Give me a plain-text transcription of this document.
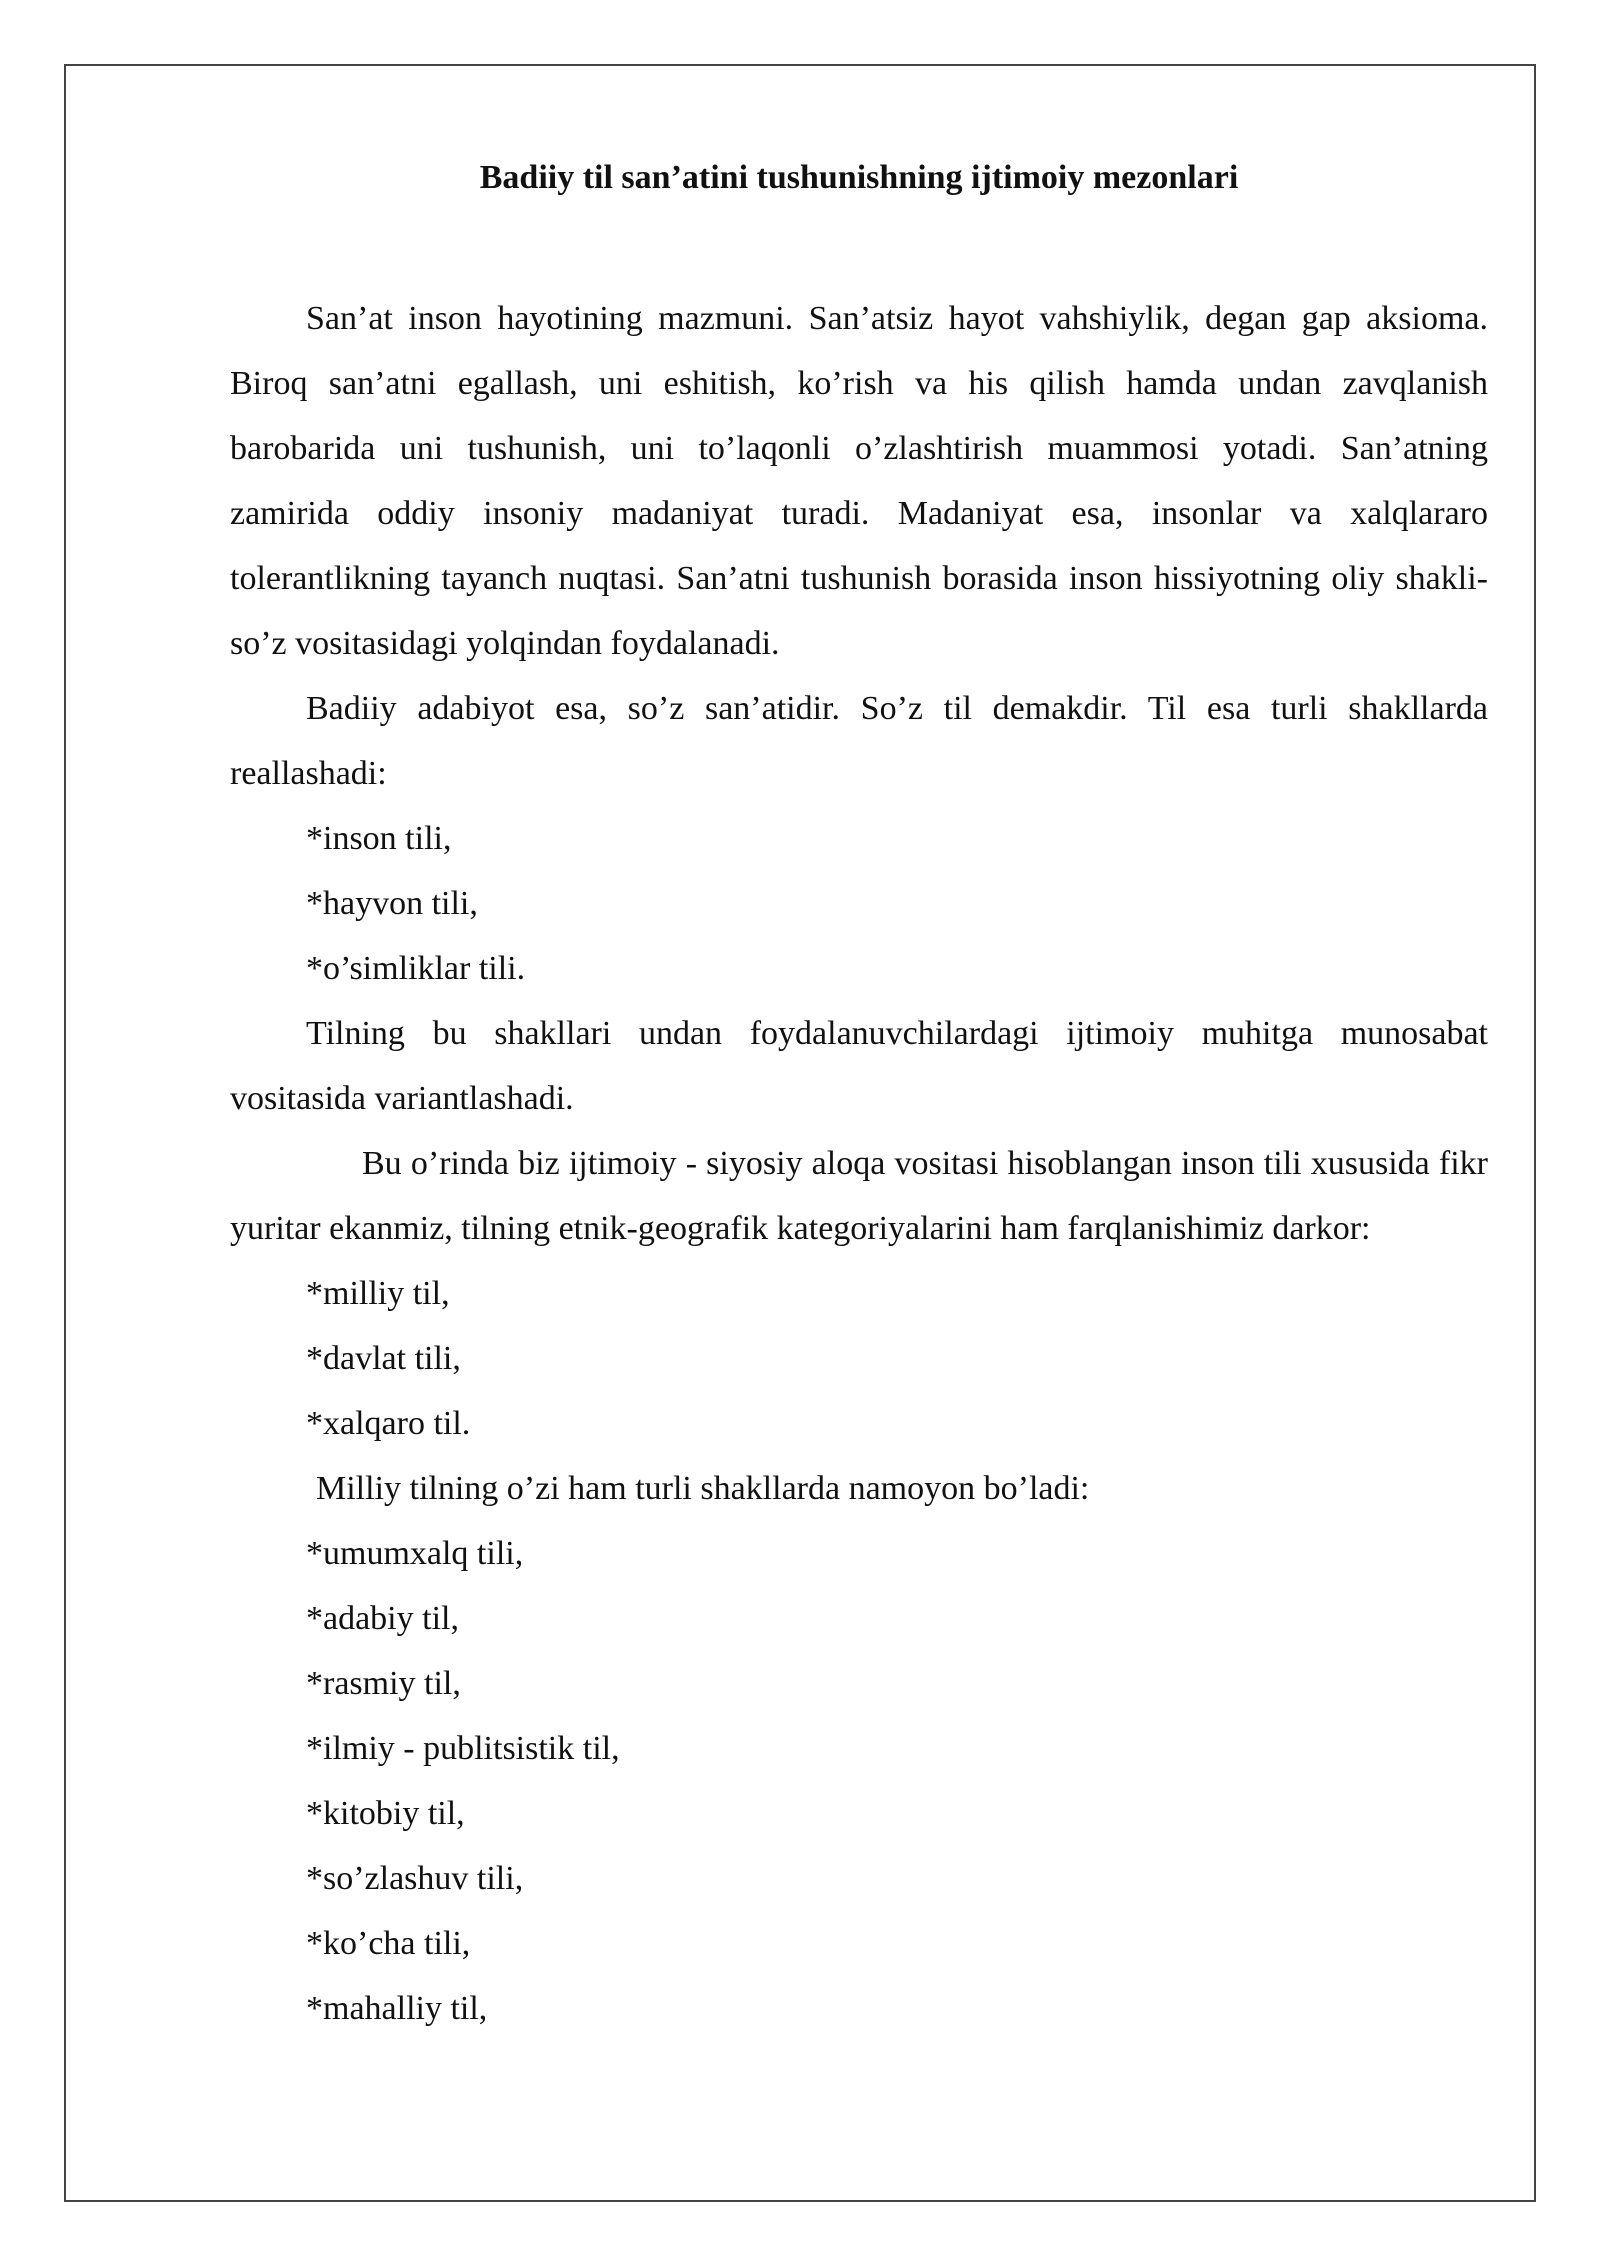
Badiiy til san’atini tushunishning ijtimoiy mezonlari

San’at inson hayotining mazmuni. San’atsiz hayot vahshiylik, degan gap aksioma. Biroq san’atni egallash, uni eshitish, ko’rish va his qilish hamda undan zavqlanish barobarida uni tushunish, uni to’laqonli o’zlashtirish muammosi yotadi. San’atning zamirida oddiy insoniy madaniyat turadi. Madaniyat esa, insonlar va xalqlararo tolerantlikning tayanch nuqtasi. San’atni tushunish borasida inson hissiyotning oliy shakli-so’z vositasidagi yolqindan foydalanadi.

Badiiy adabiyot esa, so’z san’atidir. So’z til demakdir. Til esa turli shakllarda reallashadi:

*inson tili,

*hayvon tili,

*o’simliklar tili.

Tilning bu shakllari undan foydalanuvchilardagi ijtimoiy muhitga munosabat vositasida variantlashadi.

Bu o’rinda biz ijtimoiy - siyosiy aloqa vositasi hisoblangan inson tili xususida fikr yuritar ekanmiz, tilning etnik-geografik kategoriyalarini ham farqlanishimiz darkor:

*milliy til,

*davlat tili,

*xalqaro til.

Milliy tilning o’zi ham turli shakllarda namoyon bo’ladi:

*umumxalq tili,

*adabiy til,

*rasmiy til,

*ilmiy - publitsistik til,

*kitobiy til,

*so’zlashuv tili,

*ko’cha tili,

*mahalliy til,
